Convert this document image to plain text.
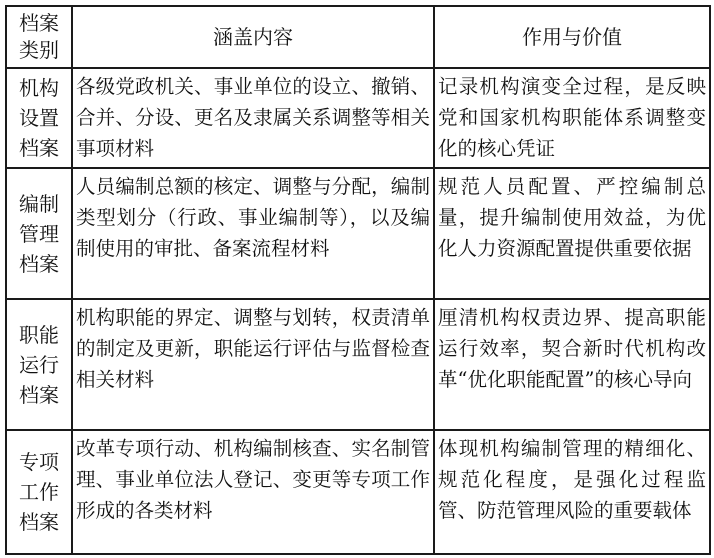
档案
类别	涵盖内容	作用与价值

机构
设置
档案	各级党政机关、事业单位的设立、撤销、合并、分设、更名及隶属关系调整等相关事项材料	记录机构演变全过程，是反映党和国家机构职能体系调整变化的核心凭证

编制
管理
档案	人员编制总额的核定、调整与分配，编制类型划分（行政、事业编制等），以及编制使用的审批、备案流程材料	规范人员配置、严控编制总量，提升编制使用效益，为优化人力资源配置提供重要依据

职能
运行
档案	机构职能的界定、调整与划转，权责清单的制定及更新，职能运行评估与监督检查相关材料	厘清机构权责边界、提高职能运行效率，契合新时代机构改革“优化职能配置”的核心导向

专项
工作
档案	改革专项行动、机构编制核查、实名制管理、事业单位法人登记、变更等专项工作形成的各类材料	体现机构编制管理的精细化、规范化程度，是强化过程监管、防范管理风险的重要载体
